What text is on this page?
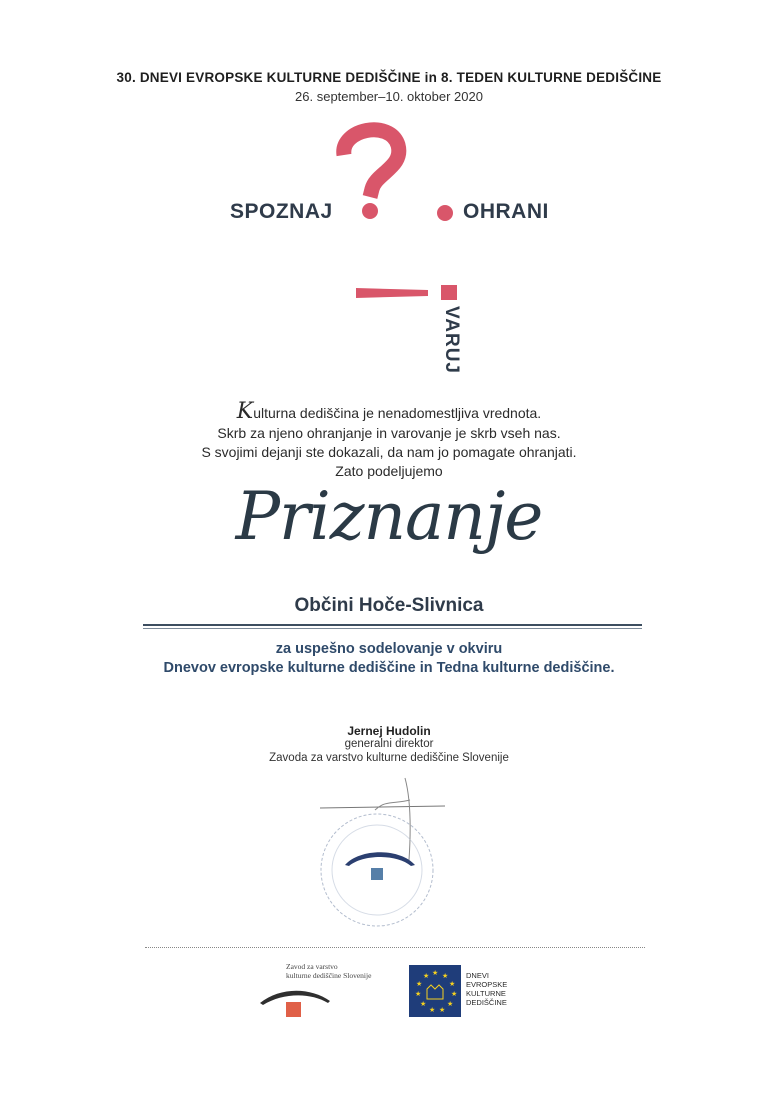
30. DNEVI EVROPSKE KULTURNE DEDIŠČINE in 8. TEDEN KULTURNE DEDIŠČINE
26. september–10. oktober 2020
SPOZNAJ	OHRANI
VARUJ
Kulturna dediščina je nenadomestljiva vrednota.
Skrb za njeno ohranjanje in varovanje je skrb vseh nas.
S svojimi dejanji ste dokazali, da nam jo pomagate ohranjati.
Zato podeljujemo
Priznanje
Občini Hoče-Slivnica
za uspešno sodelovanje v okviru
Dnevov evropske kulturne dediščine in Tedna kulturne dediščine.
Jernej Hudolin
generalni direktor
Zavoda za varstvo kulturne dediščine Slovenije
Zavod za varstvo
kulturne dediščine Slovenije	★ ★
★
★
★
★
★
★
★
★
★	DNEVI
EVROPSKE
KULTURNE
DEDIŠČINE
